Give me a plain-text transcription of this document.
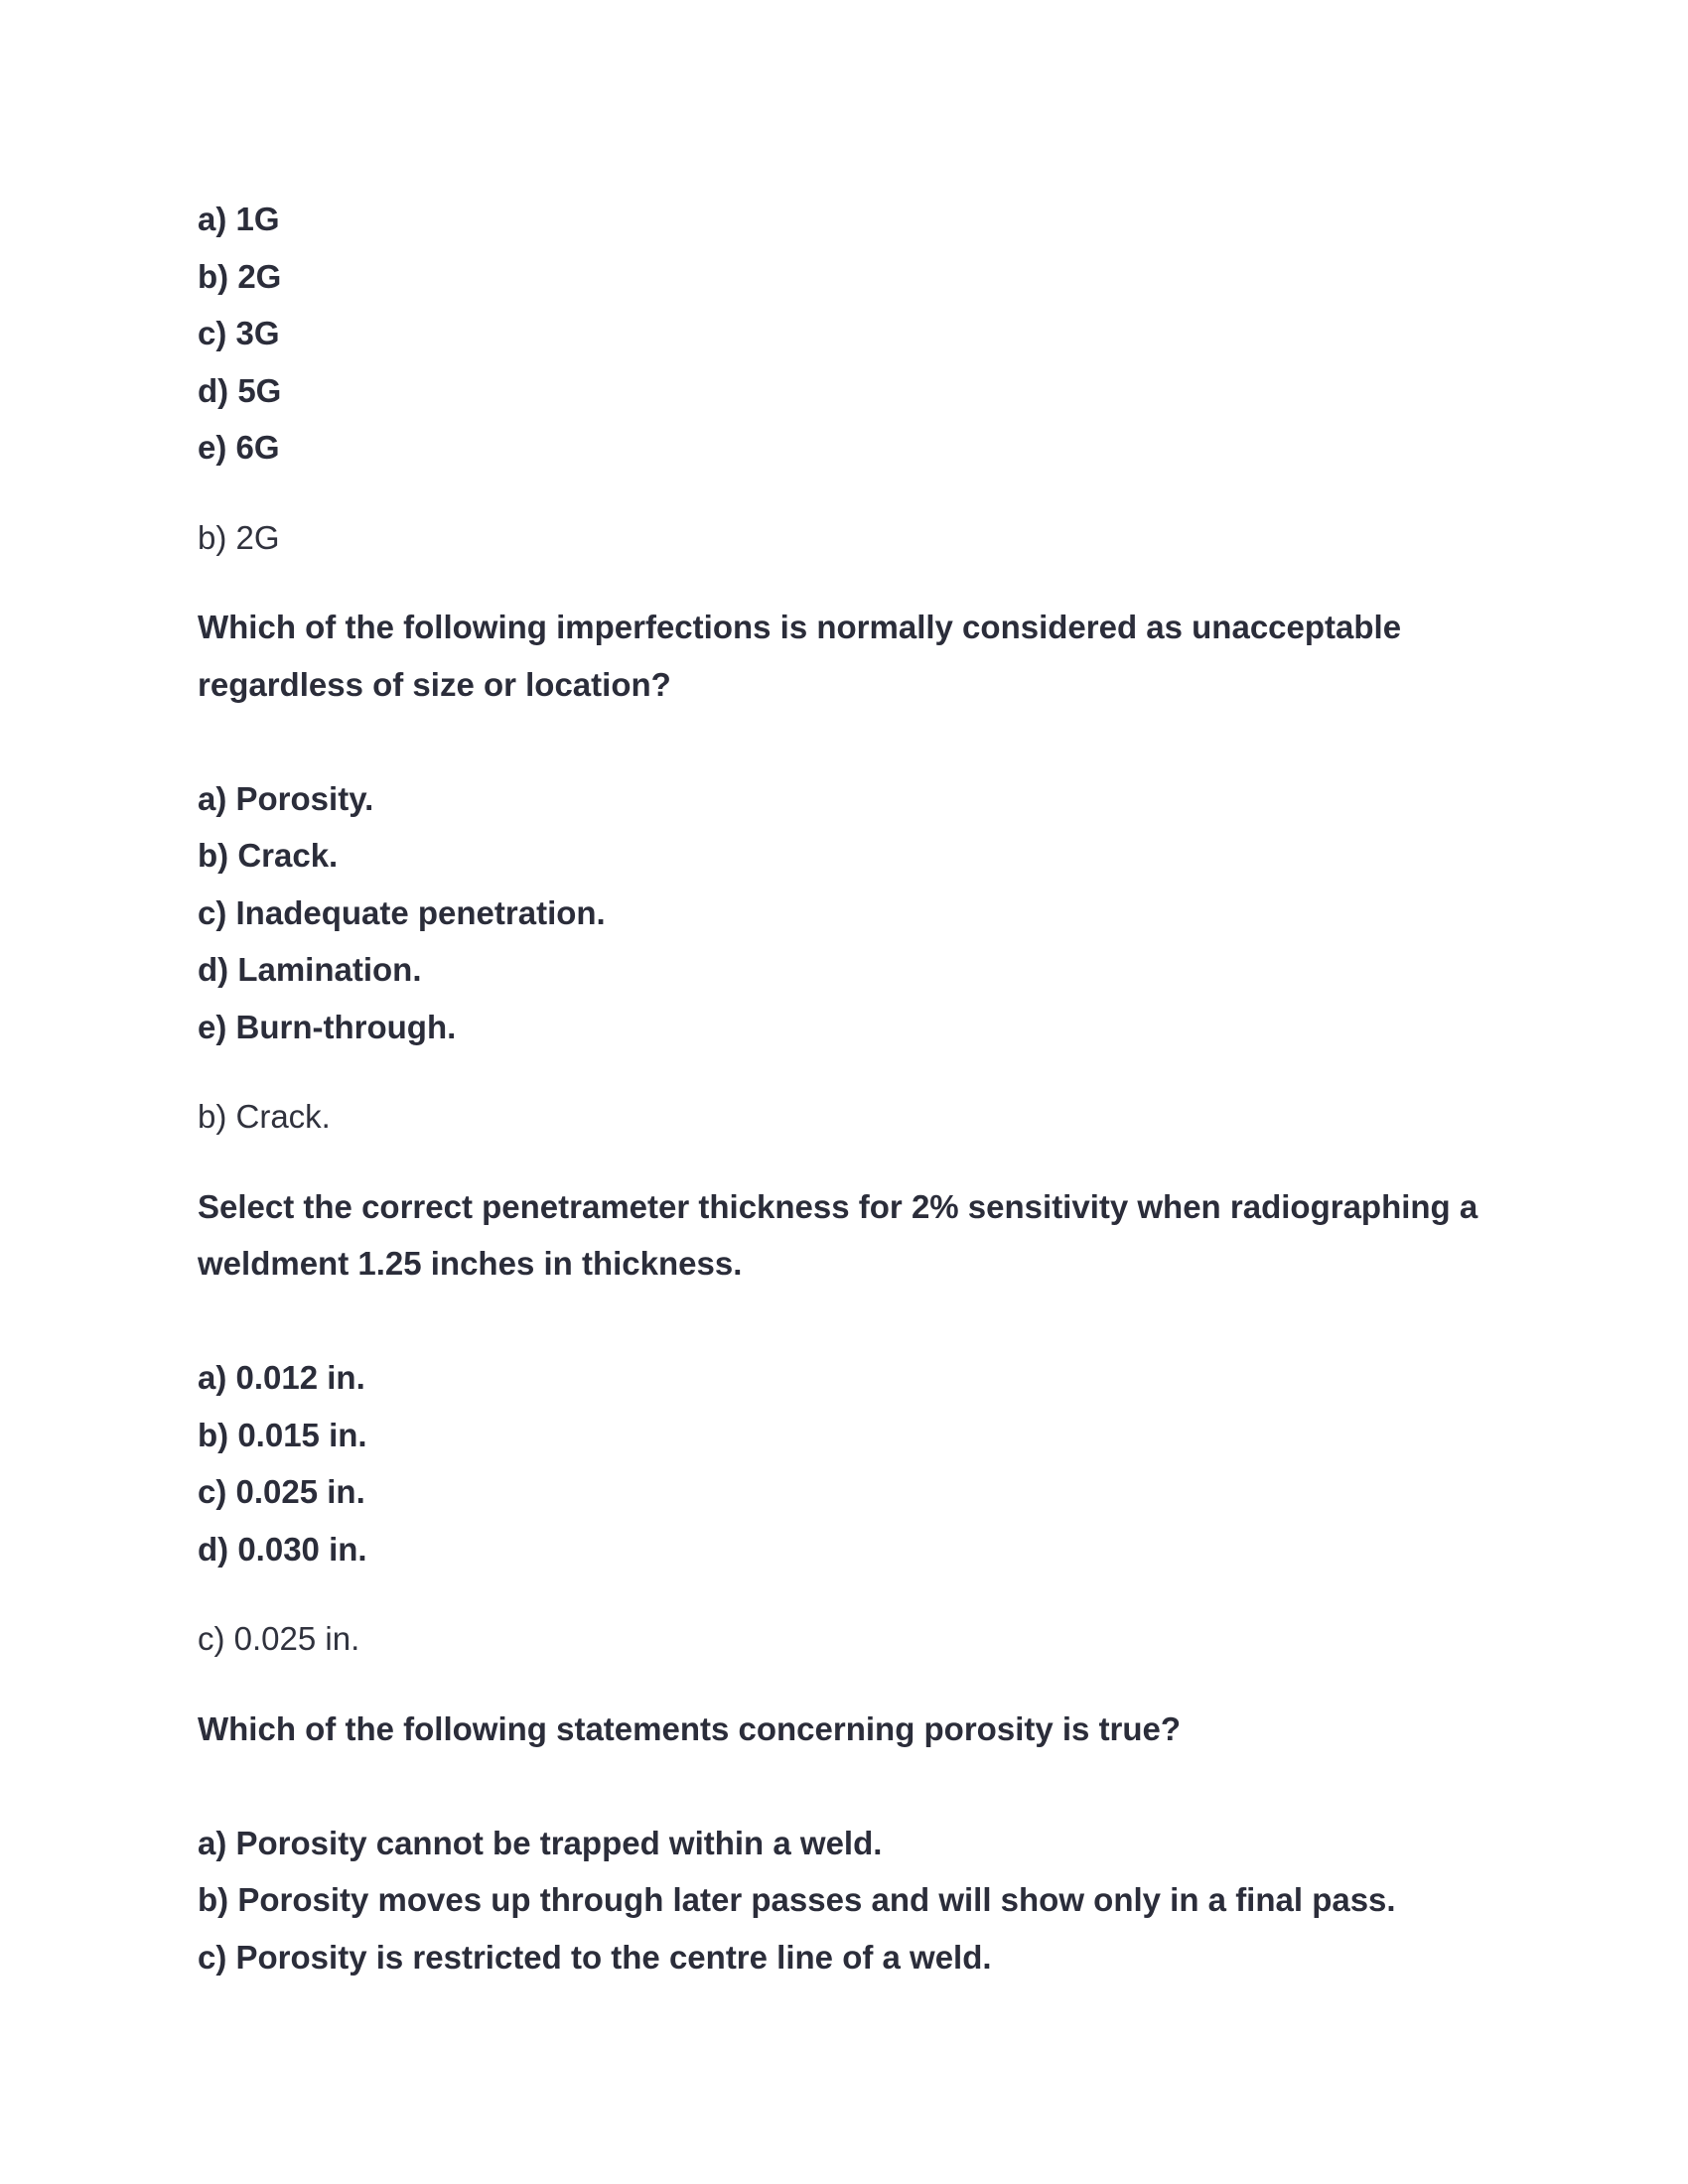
a) 1G
b) 2G
c) 3G
d) 5G
e) 6G
b) 2G
Which of the following imperfections is normally considered as unacceptable regardless of size or location?
a) Porosity.
b) Crack.
c) Inadequate penetration.
d) Lamination.
e) Burn-through.
b) Crack.
Select the correct penetrameter thickness for 2% sensitivity when radiographing a weldment 1.25 inches in thickness.
a) 0.012 in.
b) 0.015 in.
c) 0.025 in.
d) 0.030 in.
c) 0.025 in.
Which of the following statements concerning porosity is true?
a) Porosity cannot be trapped within a weld.
b) Porosity moves up through later passes and will show only in a final pass.
c) Porosity is restricted to the centre line of a weld.
